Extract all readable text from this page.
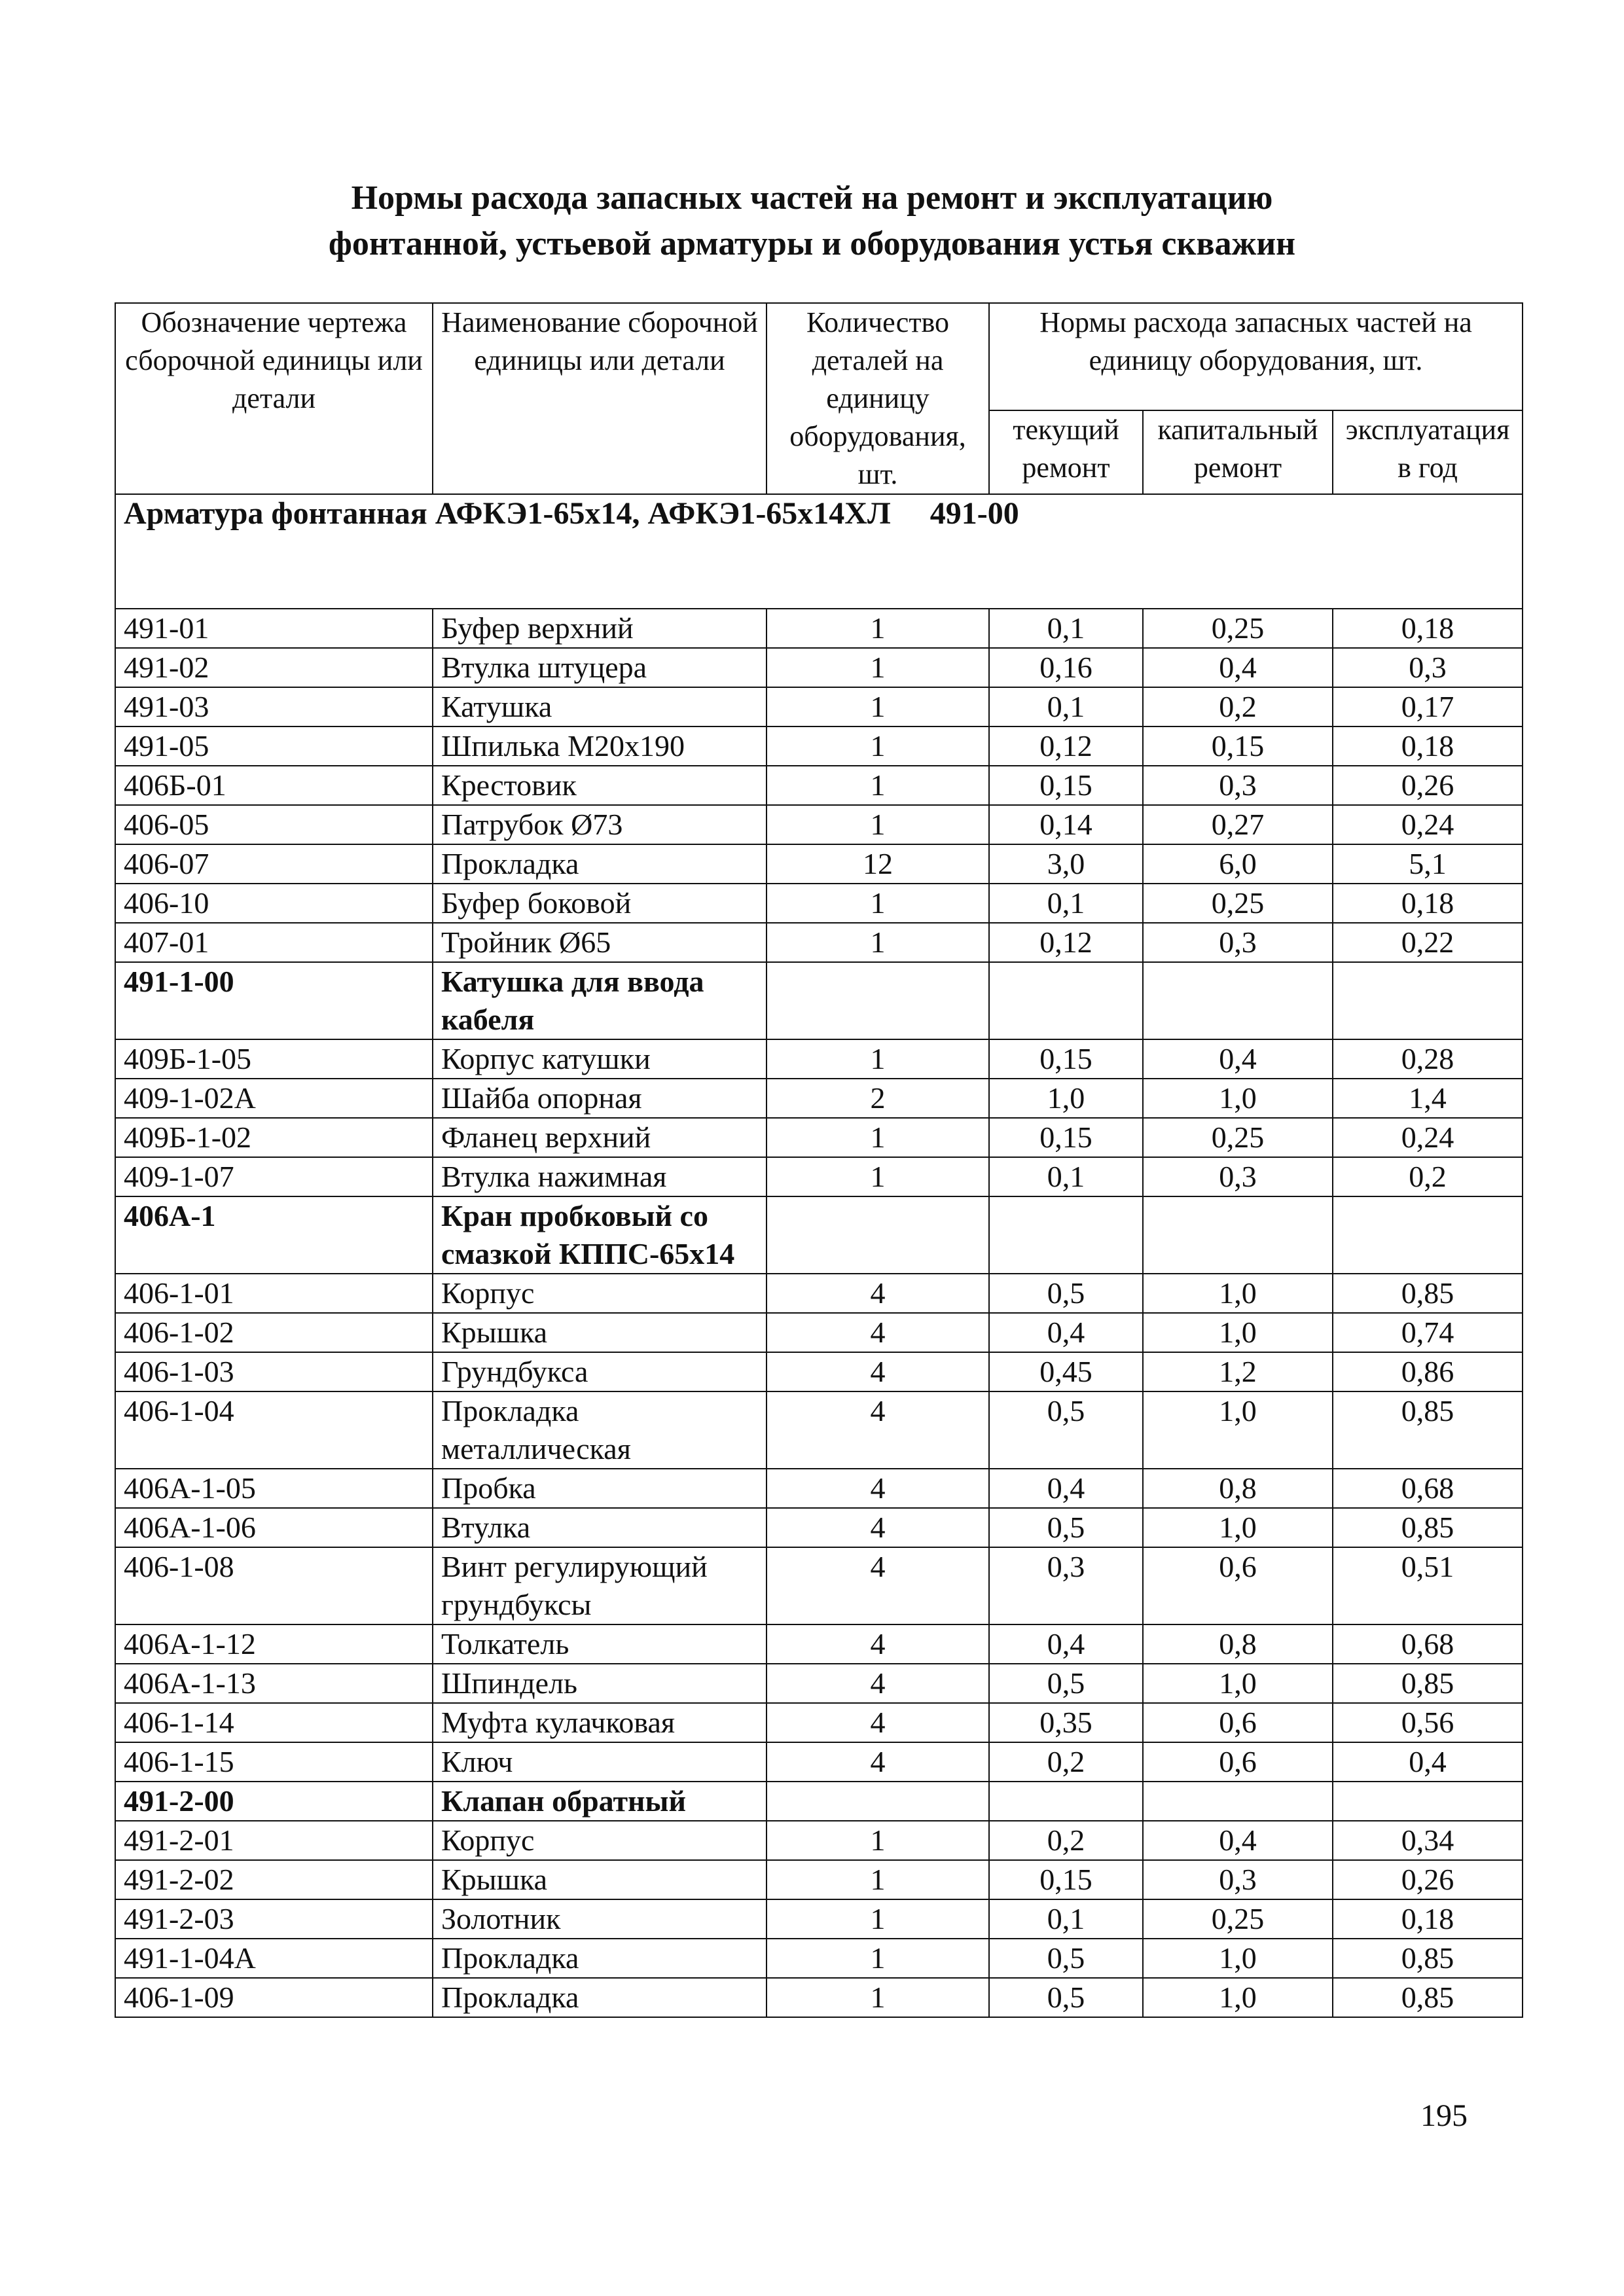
Нормы расхода запасных частей на ремонт и эксплуатацию
фонтанной, устьевой арматуры и оборудования устья скважин
Обозначение чертежа сборочной единицы или детали	Наименование сборочной единицы или детали	Количество деталей на единицу оборудования, шт.	Нормы расхода запасных частей на единицу оборудования, шт.		
			текущий ремонт	капитальный ремонт	эксплуатация в год
Арматура фонтанная АФКЭ1-65х14, АФКЭ1-65х14ХЛ 491-00					
491-01	Буфер верхний	1	0,1	0,25	0,18
491-02	Втулка штуцера	1	0,16	0,4	0,3
491-03	Катушка	1	0,1	0,2	0,17
491-05	Шпилька М20х190	1	0,12	0,15	0,18
406Б-01	Крестовик	1	0,15	0,3	0,26
406-05	Патрубок Ø73	1	0,14	0,27	0,24
406-07	Прокладка	12	3,0	6,0	5,1
406-10	Буфер боковой	1	0,1	0,25	0,18
407-01	Тройник Ø65	1	0,12	0,3	0,22
491-1-00	Катушка для ввода кабеля				
409Б-1-05	Корпус катушки	1	0,15	0,4	0,28
409-1-02А	Шайба опорная	2	1,0	1,0	1,4
409Б-1-02	Фланец верхний	1	0,15	0,25	0,24
409-1-07	Втулка нажимная	1	0,1	0,3	0,2
406А-1	Кран пробковый со смазкой КППС-65х14				
406-1-01	Корпус	4	0,5	1,0	0,85
406-1-02	Крышка	4	0,4	1,0	0,74
406-1-03	Грундбукса	4	0,45	1,2	0,86
406-1-04	Прокладка металлическая	4	0,5	1,0	0,85
406А-1-05	Пробка	4	0,4	0,8	0,68
406А-1-06	Втулка	4	0,5	1,0	0,85
406-1-08	Винт регулирующий грундбуксы	4	0,3	0,6	0,51
406А-1-12	Толкатель	4	0,4	0,8	0,68
406А-1-13	Шпиндель	4	0,5	1,0	0,85
406-1-14	Муфта кулачковая	4	0,35	0,6	0,56
406-1-15	Ключ	4	0,2	0,6	0,4
491-2-00	Клапан обратный				
491-2-01	Корпус	1	0,2	0,4	0,34
491-2-02	Крышка	1	0,15	0,3	0,26
491-2-03	Золотник	1	0,1	0,25	0,18
491-1-04А	Прокладка	1	0,5	1,0	0,85
406-1-09	Прокладка	1	0,5	1,0	0,85
195
